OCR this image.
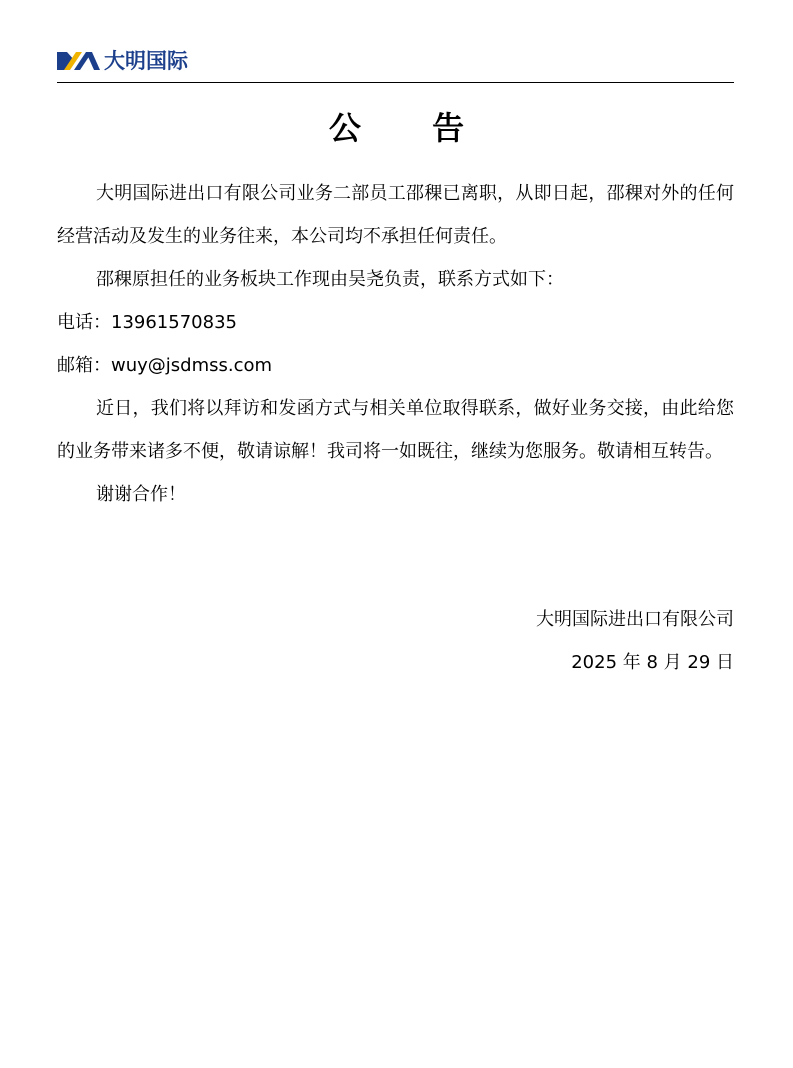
大明国际
公 告

大明国际进出口有限公司业务二部员工邵稞已离职，从即日起，邵稞对外的任何经营活动及发生的业务往来，本公司均不承担任何责任。

邵稞原担任的业务板块工作现由吴尧负责，联系方式如下：

电话：13961570835

邮箱：wuy@jsdmss.com

近日，我们将以拜访和发函方式与相关单位取得联系，做好业务交接，由此给您的业务带来诸多不便，敬请谅解！我司将一如既往，继续为您服务。敬请相互转告。

谢谢合作！

大明国际进出口有限公司
2025 年 8 月 29 日
